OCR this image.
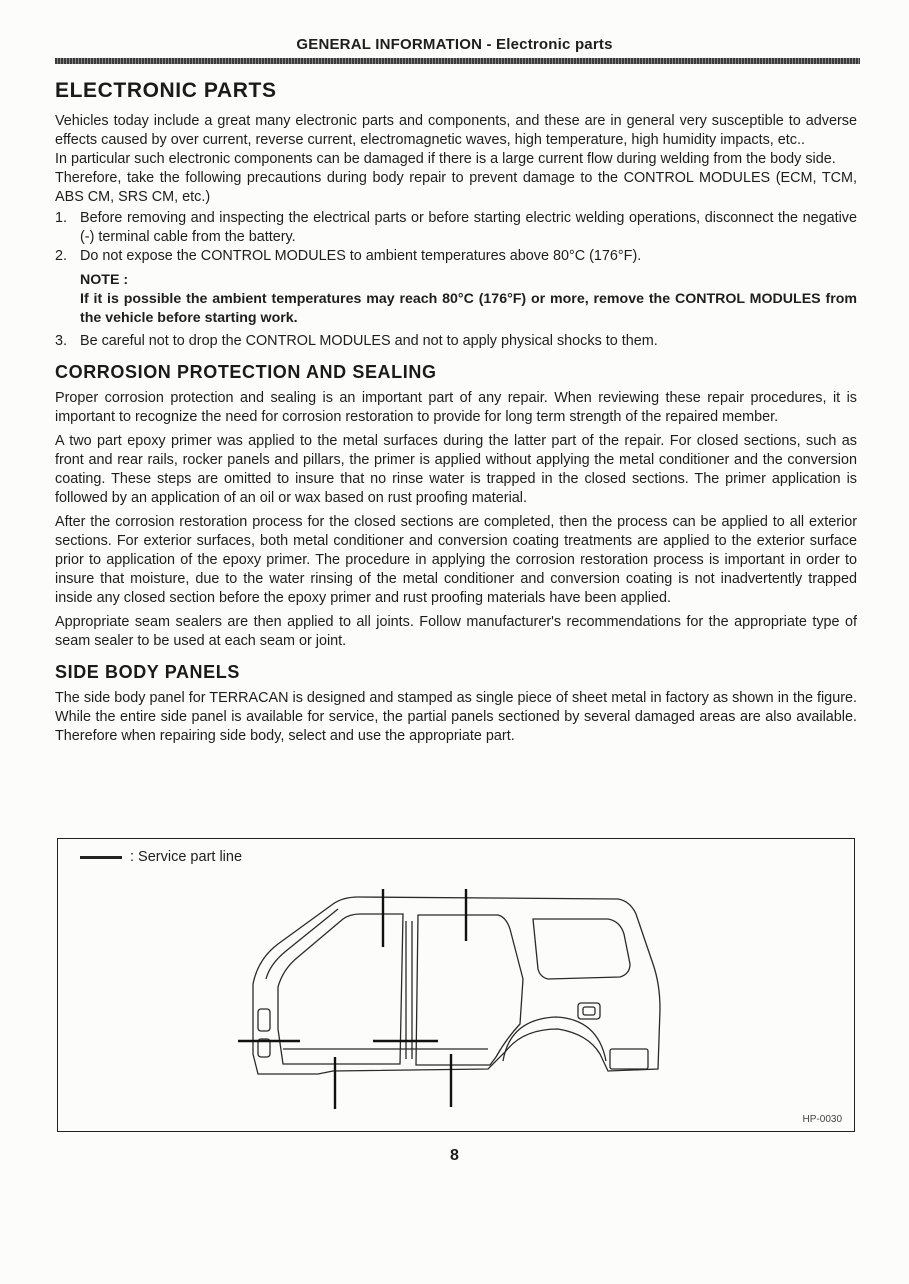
GENERAL INFORMATION - Electronic parts
ELECTRONIC PARTS

Vehicles today include a great many electronic parts and components, and these are in general very susceptible to adverse effects caused by over current, reverse current, electromagnetic waves, high temperature, high humidity impacts, etc..

In particular such electronic components can be damaged if there is a large current flow during welding from the body side.

Therefore, take the following precautions during body repair to prevent damage to the CONTROL MODULES (ECM, TCM, ABS CM, SRS CM, etc.)

1. Before removing and inspecting the electrical parts or before starting electric welding operations, disconnect the negative (-) terminal cable from the battery.
2. Do not expose the CONTROL MODULES to ambient temperatures above 80°C (176°F).
NOTE :
If it is possible the ambient temperatures may reach 80°C (176°F) or more, remove the CONTROL MODULES from the vehicle before starting work.
3. Be careful not to drop the CONTROL MODULES and not to apply physical shocks to them.
CORROSION PROTECTION AND SEALING

Proper corrosion protection and sealing is an important part of any repair. When reviewing these repair procedures, it is important to recognize the need for corrosion restoration to provide for long term strength of the repaired member.

A two part epoxy primer was applied to the metal surfaces during the latter part of the repair. For closed sections, such as front and rear rails, rocker panels and pillars, the primer is applied without applying the metal conditioner and the conversion coating. These steps are omitted to insure that no rinse water is trapped in the closed sections. The primer application is followed by an application of an oil or wax based on rust proofing material.

After the corrosion restoration process for the closed sections are completed, then the process can be applied to all exterior sections. For exterior surfaces, both metal conditioner and conversion coating treatments are applied to the exterior surface prior to application of the epoxy primer. The procedure in applying the corrosion restoration process is important in order to insure that moisture, due to the water rinsing of the metal conditioner and conversion coating is not inadvertently trapped inside any closed section before the epoxy primer and rust proofing materials have been applied.

Appropriate seam sealers are then applied to all joints. Follow manufacturer's recommendations for the appropriate type of seam sealer to be used at each seam or joint.

SIDE BODY PANELS

The side body panel for TERRACAN is designed and stamped as single piece of sheet metal in factory as shown in the figure. While the entire side panel is available for service, the partial panels sectioned by several damaged areas are also available. Therefore when repairing side body, select and use the appropriate part.

: Service part line
HP-0030
8
